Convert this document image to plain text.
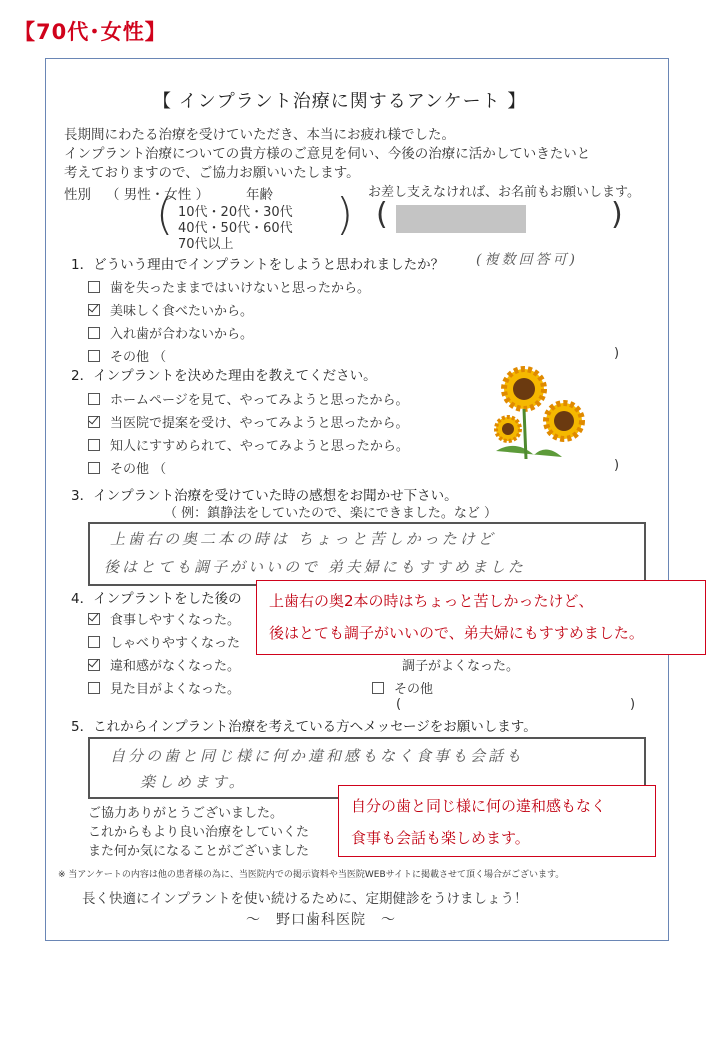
【70代･女性】
【 インプラント治療に関するアンケート 】
長期間にわたる治療を受けていただき、本当にお疲れ様でした。
インプラント治療についての貴方様のご意見を伺い、今後の治療に活かしていきたいと
考えておりますので、ご協力お願いいたします。
性別 （ 男性・女性 ）	年齢
( 10代・20代・30代
40代・50代・60代
70代以上
) お差し支えなければ、お名前もお願いします。
(	)
1．どういう理由でインプラントをしようと思われましたか？ (複数回答可)
歯を失ったままではいけないと思ったから。
美味しく食べたいから。
入れ歯が合わないから。
その他 （	)
2．インプラントを決めた理由を教えてください。
ホームページを見て、やってみようと思ったから。
当医院で提案を受け、やってみようと思ったから。
知人にすすめられて、やってみようと思ったから。
その他 （	)
3．インプラント治療を受けていた時の感想をお聞かせ下さい。
（ 例：鎮静法をしていたので、楽にできました。など ）
上歯右の奥二本の時は ちょっと苦しかったけど
後はとても調子がいいので 弟夫婦にもすすめました
4．インプラントをした後の
食事しやすくなった。
しゃべりやすくなった
違和感がなくなった。
見た目がよくなった。
調子がよくなった。
その他
(	)
5．これからインプラント治療を考えている方へメッセージをお願いします。
自分の歯と同じ様に何か違和感もなく食事も会話も
楽しめます。
ご協力ありがとうございました。
これからもより良い治療をしていくた
また何か気になることがございました
※ 当アンケートの内容は他の患者様の為に、当医院内での掲示資料や当医院WEBサイトに掲載させて頂く場合がございます。
長く快適にインプラントを使い続けるために、定期健診をうけましょう！
～　野口歯科医院　～
上歯右の奥2本の時はちょっと苦しかったけど、
後はとても調子がいいので、弟夫婦にもすすめました。
自分の歯と同じ様に何の違和感もなく
食事も会話も楽しめます。
